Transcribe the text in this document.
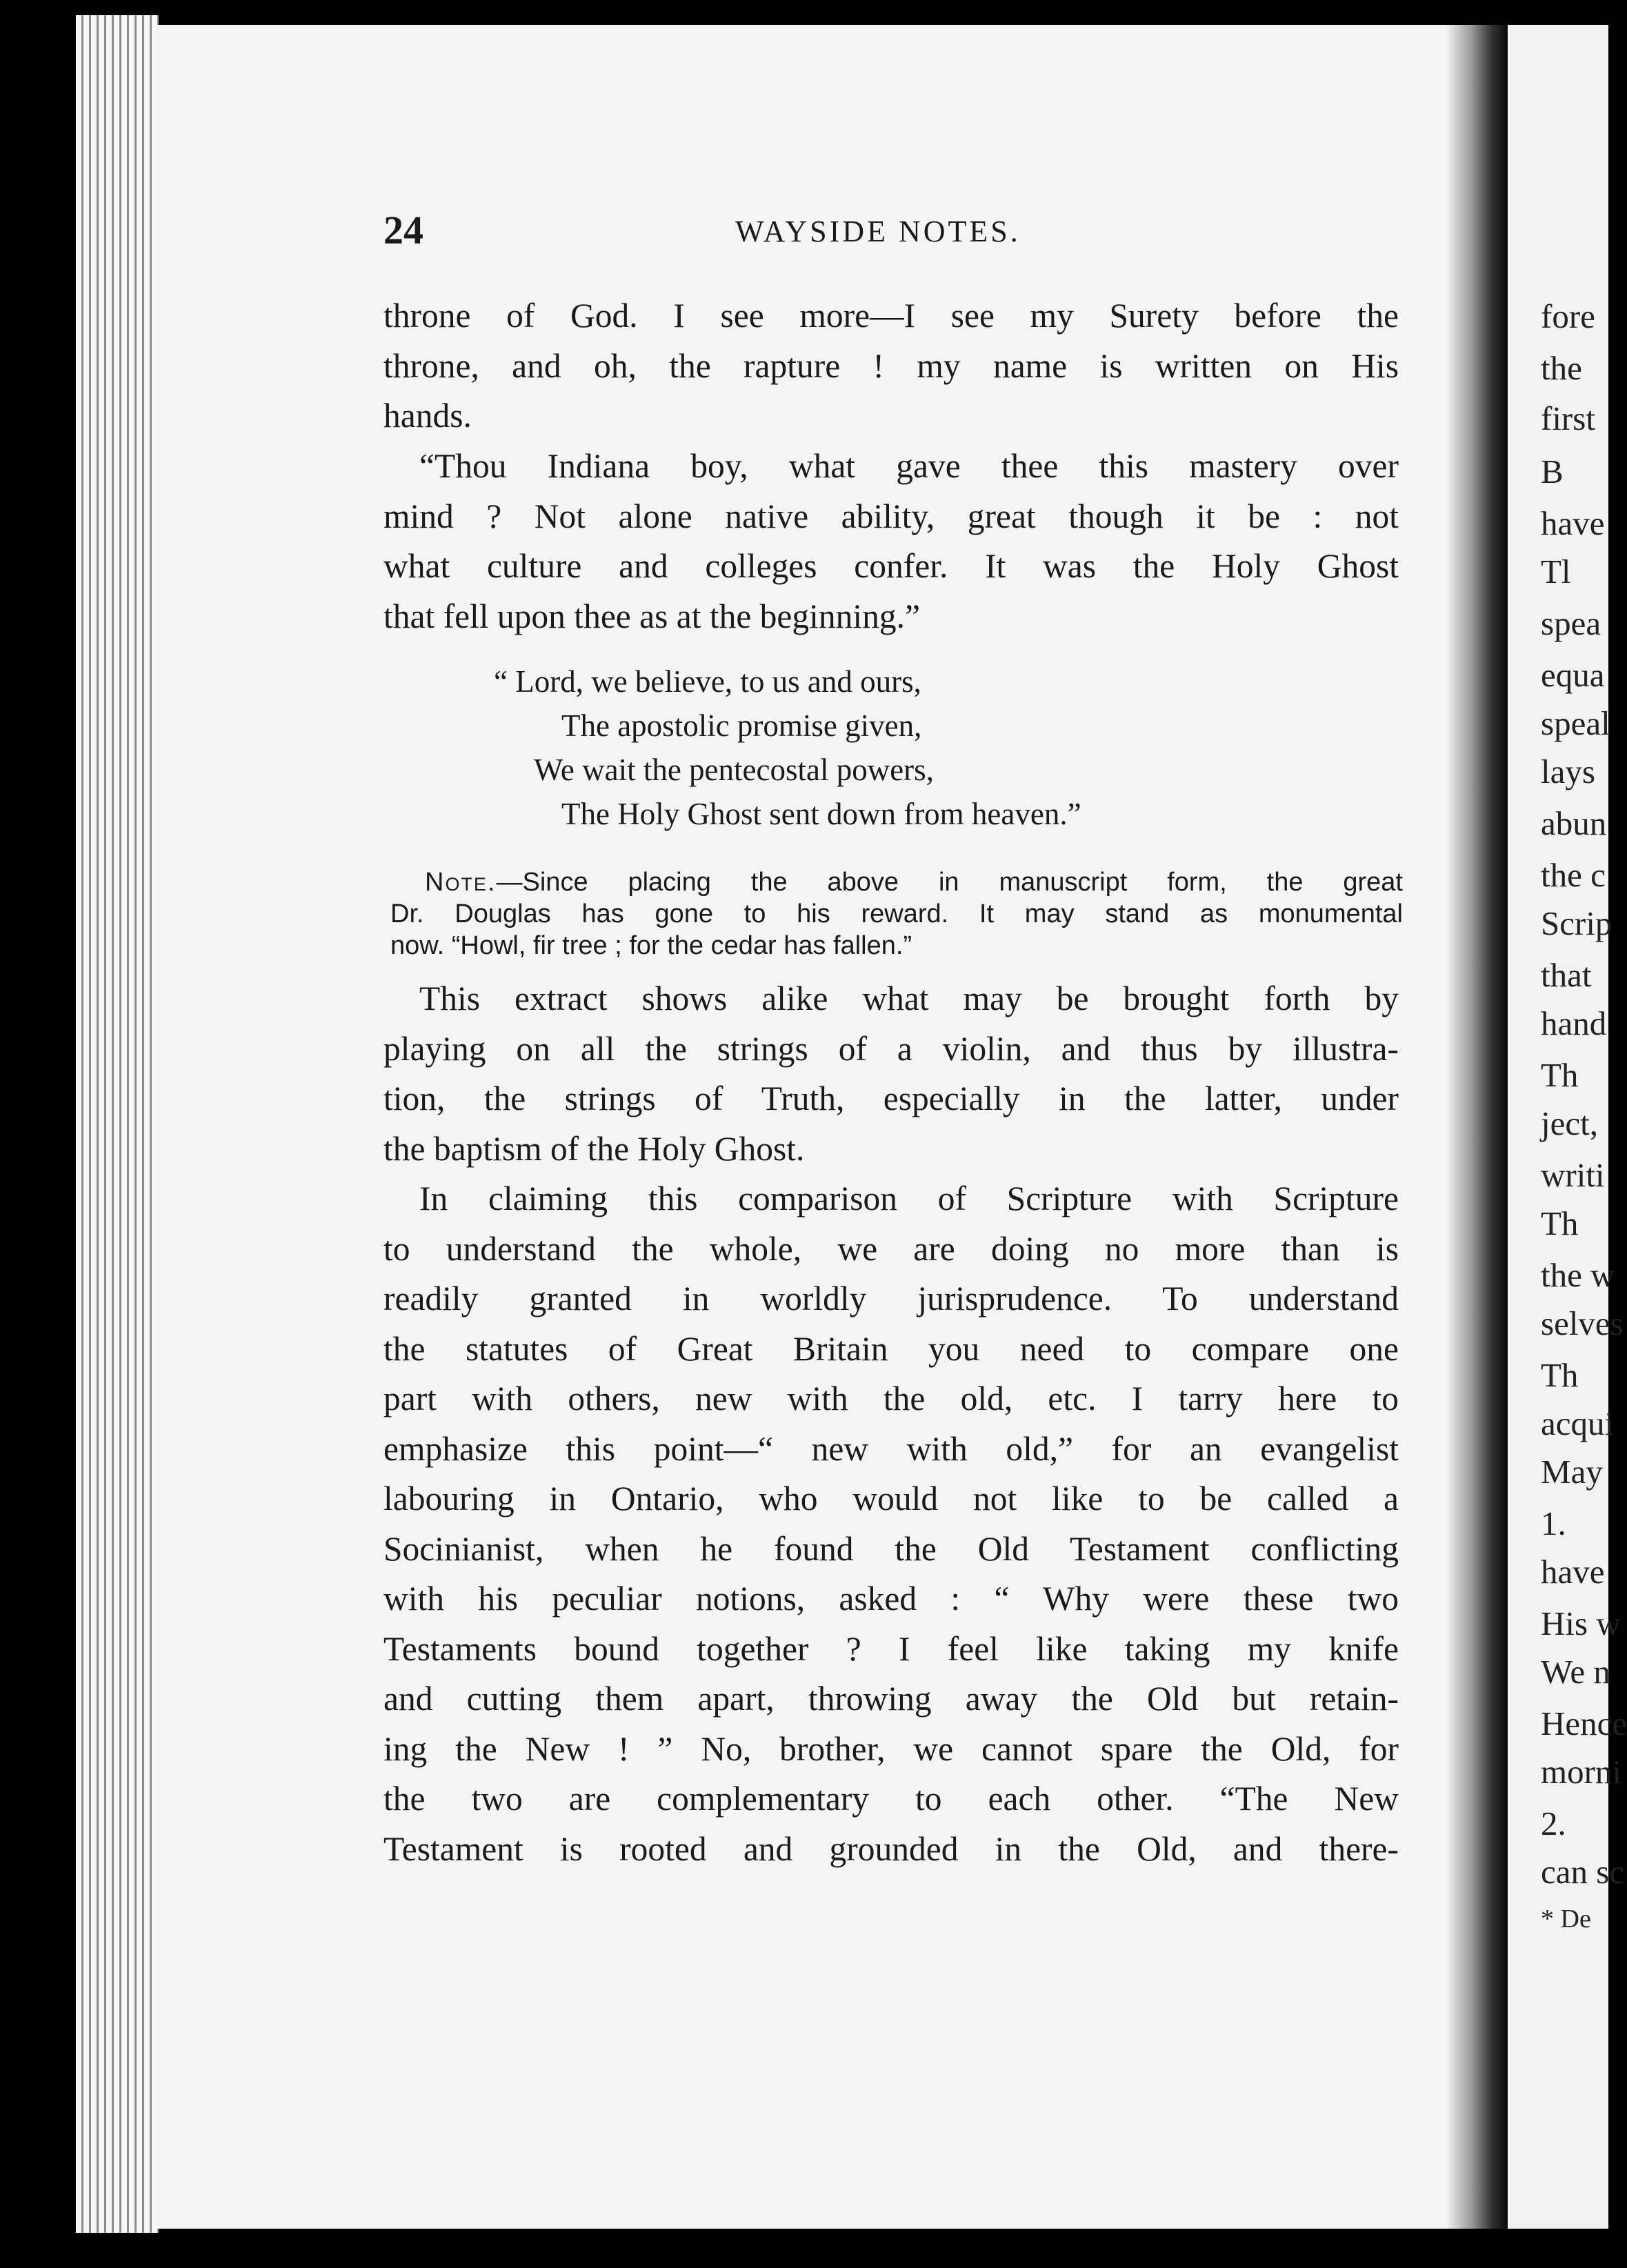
fore
the
first
B
have
Tl
spea
equa
speal
lays
abun
the c
Scrip
that
hand
Th
ject,
writi
Th
the w
selves
Th
acqui
May
1.
have
His w
We n
Hence
morni
2.
can sc
* De
24	WAYSIDE NOTES.
throne of God. I see more—I see my Surety before the
throne, and oh, the rapture ! my name is written on His
hands.
“Thou Indiana boy, what gave thee this mastery over
mind ? Not alone native ability, great though it be : not
what culture and colleges confer. It was the Holy Ghost
that fell upon thee as at the beginning.”
“ Lord, we believe, to us and ours,
The apostolic promise given,
We wait the pentecostal powers,
The Holy Ghost sent down from heaven.”
Note.—Since placing the above in manuscript form, the great
Dr. Douglas has gone to his reward. It may stand as monumental
now. “Howl, fir tree ; for the cedar has fallen.”
This extract shows alike what may be brought forth by
playing on all the strings of a violin, and thus by illustra-
tion, the strings of Truth, especially in the latter, under
the baptism of the Holy Ghost.
In claiming this comparison of Scripture with Scripture
to understand the whole, we are doing no more than is
readily granted in worldly jurisprudence. To understand
the statutes of Great Britain you need to compare one
part with others, new with the old, etc. I tarry here to
emphasize this point—“ new with old,” for an evangelist
labouring in Ontario, who would not like to be called a
Socinianist, when he found the Old Testament conflicting
with his peculiar notions, asked : “ Why were these two
Testaments bound together ? I feel like taking my knife
and cutting them apart, throwing away the Old but retain-
ing the New ! ” No, brother, we cannot spare the Old, for
the two are complementary to each other. “The New
Testament is rooted and grounded in the Old, and there-
